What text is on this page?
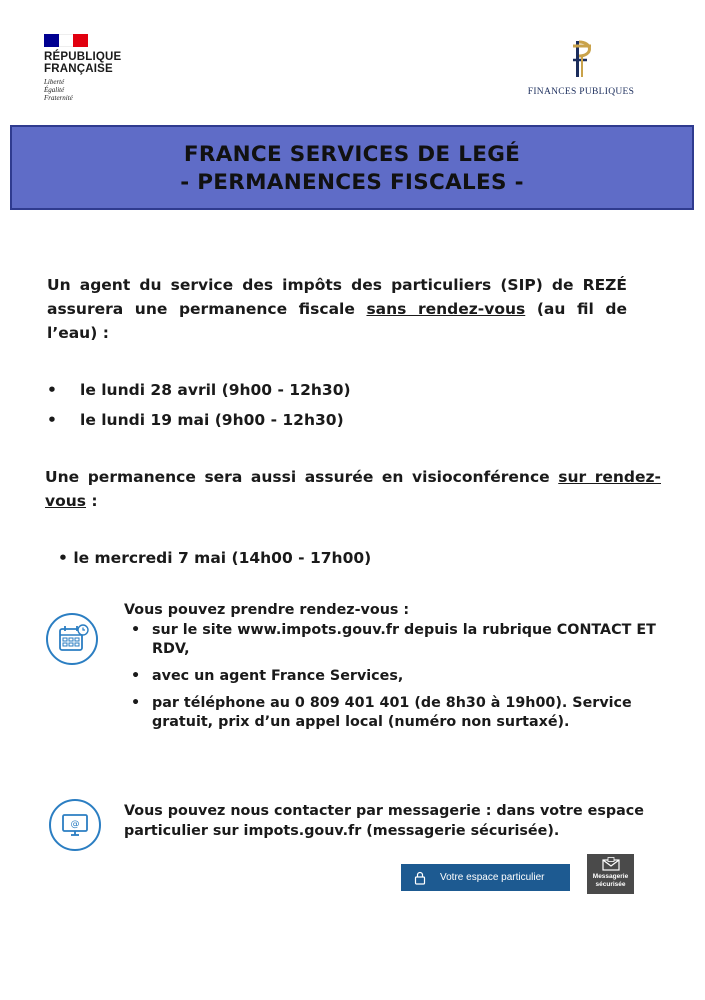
RÉPUBLIQUE
FRANÇAISE
Liberté
Égalité
Fraternité
FINANCES PUBLIQUES
FRANCE SERVICES DE LEGÉ
- PERMANENCES FISCALES -
Un agent du service des impôts des particuliers (SIP) de REZÉ assurera une permanence fiscale sans rendez-vous (au fil de l’eau) :
•	le lundi 28 avril (9h00 - 12h30)
•	le lundi 19 mai (9h00 - 12h30)
Une permanence sera aussi assurée en visioconférence sur rendez-vous :
• le mercredi 7 mai (14h00 - 17h00)
Vous pouvez prendre rendez-vous :
• sur le site www.impots.gouv.fr depuis la rubrique CONTACT ET RDV,
• avec un agent France Services,
• par téléphone au 0 809 401 401 (de 8h30 à 19h00). Service gratuit, prix d’un appel local (numéro non surtaxé).
@
Vous pouvez nous contacter par messagerie : dans votre espace particulier sur impots.gouv.fr (messagerie sécurisée).
Votre espace particulier	Messagerie
sécurisée
